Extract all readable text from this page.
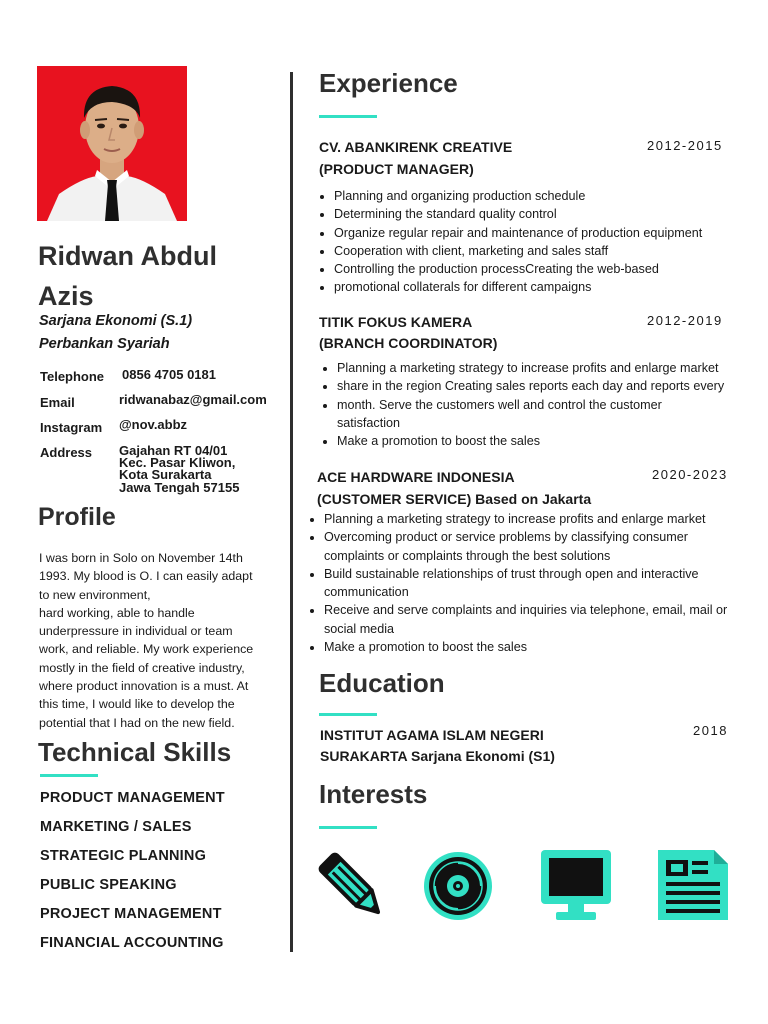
Ridwan Abdul
Azis
Sarjana Ekonomi (S.1)
Perbankan Syariah
Telephone 0856 4705 0181
Email	ridwanabaz@gmail.com
Instagram @nov.abbz
Address Gajahan RT 04/01
Kec. Pasar Kliwon,
Kota Surakarta
Jawa Tengah 57155
Profile
I was born in Solo on November 14th
1993. My blood is O. I can easily adapt
to new environment,
hard working, able to handle
underpressure in individual or team
work, and reliable. My work experience
mostly in the field of creative industry,
where product innovation is a must. At
this time, I would like to develop the
potential that I had on the new field.
Technical Skills
PRODUCT MANAGEMENT
MARKETING / SALES
STRATEGIC PLANNING
PUBLIC SPEAKING
PROJECT MANAGEMENT
FINANCIAL ACCOUNTING
Experience
CV. ABANKIRENK CREATIVE
(PRODUCT MANAGER)
2012-2015
• Planning and organizing production schedule
• Determining the standard quality control
• Organize regular repair and maintenance of production equipment
• Cooperation with client, marketing and sales staff
• Controlling the production processCreating the web-based
• promotional collaterals for different campaigns
TITIK FOKUS KAMERA
(BRANCH COORDINATOR)
2012-2019
• Planning a marketing strategy to increase profits and enlarge market
• share in the region Creating sales reports each day and reports every
• month. Serve the customers well and control the customer satisfaction
• Make a promotion to boost the sales
ACE HARDWARE INDONESIA
(CUSTOMER SERVICE) Based on Jakarta
2020-2023
• Planning a marketing strategy to increase profits and enlarge market
• Overcoming product or service problems by classifying consumer complaints or complaints through the best solutions
• Build sustainable relationships of trust through open and interactive communication
• Receive and serve complaints and inquiries via telephone, email, mail or social media
• Make a promotion to boost the sales
Education
INSTITUT AGAMA ISLAM NEGERI
SURAKARTA Sarjana Ekonomi (S1)
2018
Interests
